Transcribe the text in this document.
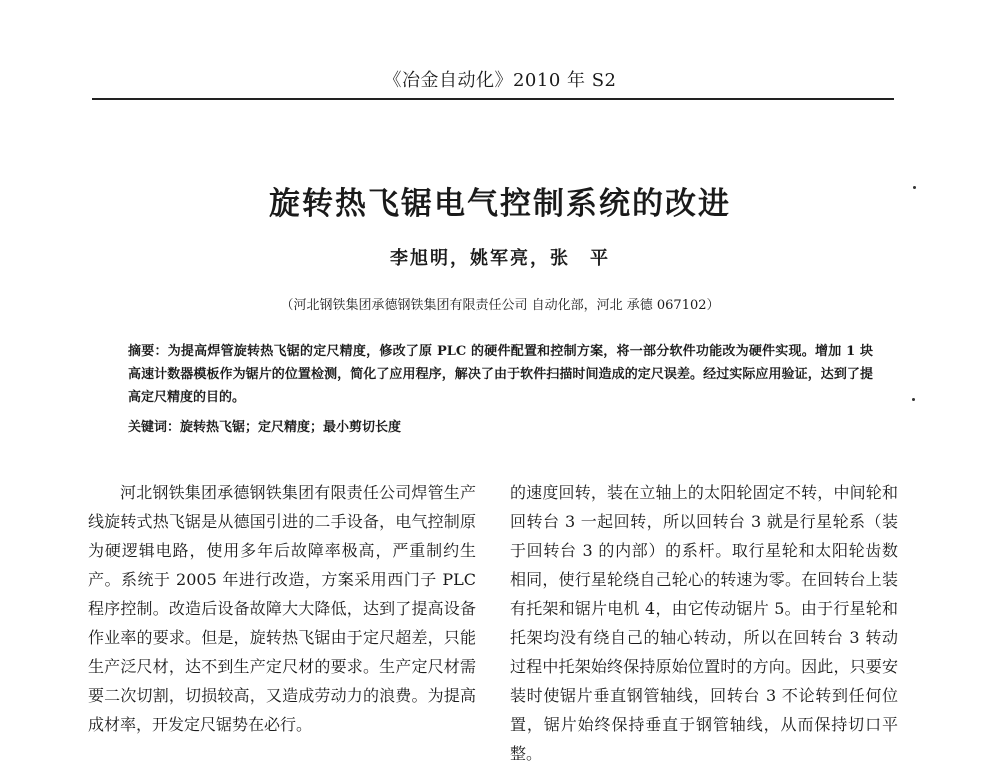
《冶金自动化》2010 年 S2
旋转热飞锯电气控制系统的改进
李旭明，姚军亮，张　平
（河北钢铁集团承德钢铁集团有限责任公司 自动化部，河北 承德 067102）
摘要：为提高焊管旋转热飞锯的定尺精度，修改了原 PLC 的硬件配置和控制方案，将一部分软件功能改为硬件实现。增加 1 块高速计数器模板作为锯片的位置检测，简化了应用程序，解决了由于软件扫描时间造成的定尺误差。经过实际应用验证，达到了提高定尺精度的目的。
关键词：旋转热飞锯；定尺精度；最小剪切长度
河北钢铁集团承德钢铁集团有限责任公司焊管生产线旋转式热飞锯是从德国引进的二手设备，电气控制原为硬逻辑电路，使用多年后故障率极高，严重制约生产。系统于 2005 年进行改造，方案采用西门子 PLC 程序控制。改造后设备故障大大降低，达到了提高设备作业率的要求。但是，旋转热飞锯由于定尺超差，只能生产泛尺材，达不到生产定尺材的要求。生产定尺材需要二次切割，切损较高，又造成劳动力的浪费。为提高成材率，开发定尺锯势在必行。
的速度回转，装在立轴上的太阳轮固定不转，中间轮和回转台 3 一起回转，所以回转台 3 就是行星轮系（装于回转台 3 的内部）的系杆。取行星轮和太阳轮齿数相同，使行星轮绕自己轮心的转速为零。在回转台上装有托架和锯片电机 4，由它传动锯片 5。由于行星轮和托架均没有绕自己的轴心转动，所以在回转台 3 转动过程中托架始终保持原始位置时的方向。因此，只要安装时使锯片垂直钢管轴线，回转台 3 不论转到任何位置，锯片始终保持垂直于钢管轴线，从而保持切口平整。
